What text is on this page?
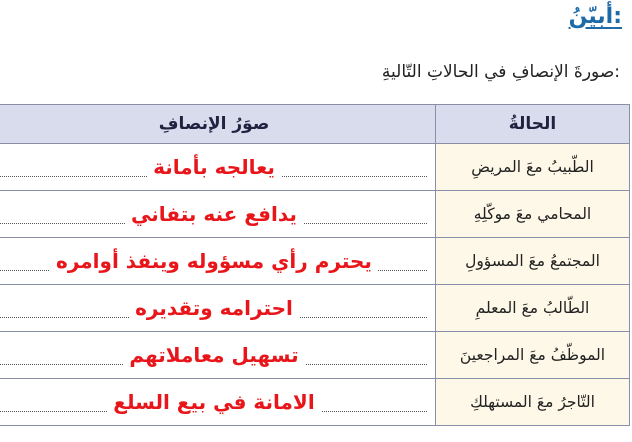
أبيّنُ:
صورةَ الإنصافِ في الحالاتِ التّاليةِ:
الحالةُ	صوَرُ الإنصافِ
الطّبيبُ معَ المريضِ	يعالجه بأمانة
المحامي معَ موكّلِهِ	يدافع عنه بتفاني
المجتمعُ معَ المسؤولِ	يحترم رأي مسؤوله وينفذ أوامره
الطّالبُ معَ المعلمِ	احترامه وتقديره
الموظّفُ معَ المراجعينَ	تسهيل معاملاتهم
التّاجرُ معَ المستهلكِ	الامانة في بيع السلع
